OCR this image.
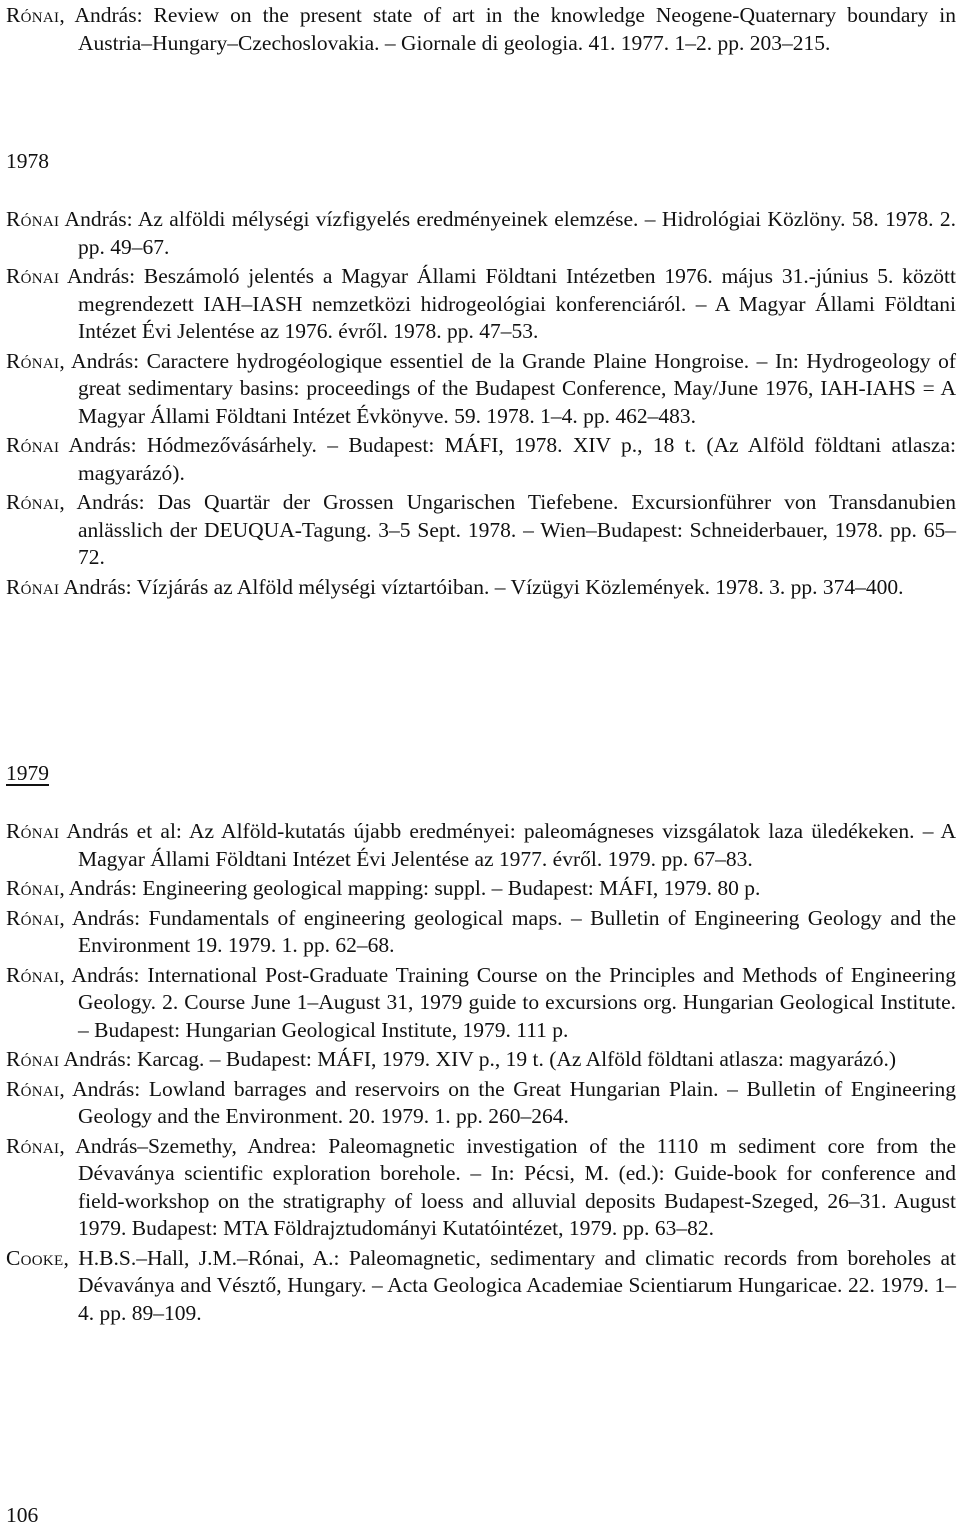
Rónai, András: Review on the present state of art in the knowledge Neogene-Quaternary boundary in Austria–Hungary–Czechoslovakia. – Giornale di geologia. 41. 1977. 1–2. pp. 203–215.

1978

Rónai András: Az alföldi mélységi vízfigyelés eredményeinek elemzése. – Hidrológiai Közlöny. 58. 1978. 2. pp. 49–67.

Rónai András: Beszámoló jelentés a Magyar Állami Földtani Intézetben 1976. május 31.-június 5. között megrendezett IAH–IASH nemzetközi hidrogeológiai konferenciáról. – A Magyar Állami Földtani Intézet Évi Jelentése az 1976. évről. 1978. pp. 47–53.

Rónai, András: Caractere hydrogéologique essentiel de la Grande Plaine Hongroise. – In: Hydrogeology of great sedimentary basins: proceedings of the Budapest Conference, May/June 1976, IAH-IAHS = A Magyar Állami Földtani Intézet Évkönyve. 59. 1978. 1–4. pp. 462–483.

Rónai András: Hódmezővásárhely. – Budapest: MÁFI, 1978. XIV p., 18 t. (Az Alföld földtani atlasza: magyarázó).

Rónai, András: Das Quartär der Grossen Ungarischen Tiefebene. Excursionführer von Transdanubien anlässlich der DEUQUA-Tagung. 3–5 Sept. 1978. – Wien–Budapest: Schneiderbauer, 1978. pp. 65–72.

Rónai András: Vízjárás az Alföld mélységi víztartóiban. – Vízügyi Közlemények. 1978. 3. pp. 374–400.

1979

Rónai András et al: Az Alföld-kutatás újabb eredményei: paleomágneses vizsgálatok laza üledékeken. – A Magyar Állami Földtani Intézet Évi Jelentése az 1977. évről. 1979. pp. 67–83.

Rónai, András: Engineering geological mapping: suppl. – Budapest: MÁFI, 1979. 80 p.

Rónai, András: Fundamentals of engineering geological maps. – Bulletin of Engineering Geology and the Environment 19. 1979. 1. pp. 62–68.

Rónai, András: International Post-Graduate Training Course on the Principles and Methods of Engineering Geology. 2. Course June 1–August 31, 1979 guide to excursions org. Hungarian Geological Institute. – Budapest: Hungarian Geological Institute, 1979. 111 p.

Rónai András: Karcag. – Budapest: MÁFI, 1979. XIV p., 19 t. (Az Alföld földtani atlasza: magyarázó.)

Rónai, András: Lowland barrages and reservoirs on the Great Hungarian Plain. – Bulletin of Engineering Geology and the Environment. 20. 1979. 1. pp. 260–264.

Rónai, András–Szemethy, Andrea: Paleomagnetic investigation of the 1110 m sediment core from the Dévaványa scientific exploration borehole. – In: Pécsi, M. (ed.): Guide-book for conference and field-workshop on the stratigraphy of loess and alluvial deposits Budapest-Szeged, 26–31. August 1979. Budapest: MTA Földrajztudományi Kutatóintézet, 1979. pp. 63–82.

Cooke, H.B.S.–Hall, J.M.–Rónai, A.: Paleomagnetic, sedimentary and climatic records from boreholes at Dévaványa and Vésztő, Hungary. – Acta Geologica Academiae Scientiarum Hungaricae. 22. 1979. 1–4. pp. 89–109.

106
